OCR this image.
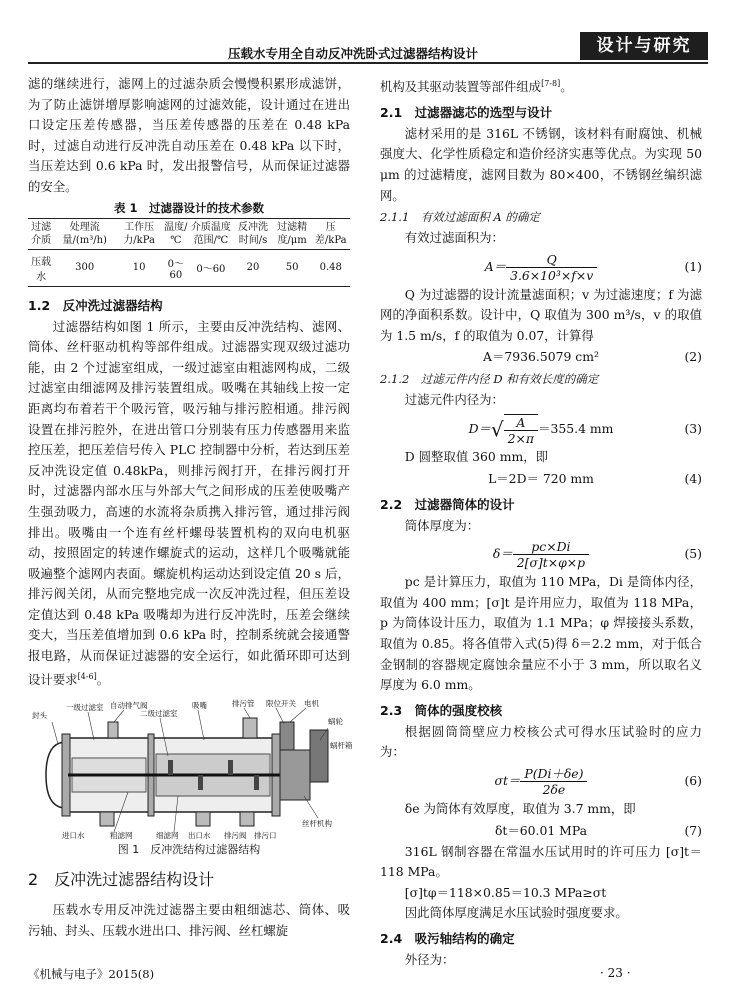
压载水专用全自动反冲洗卧式过滤器结构设计	设计与研究

滤的继续进行，滤网上的过滤杂质会慢慢积累形成滤饼，为了防止滤饼增厚影响滤网的过滤效能，设计通过在进出口设定压差传感器，当压差传感器的压差在 0.48 kPa 时，过滤自动进行反冲洗自动压差在 0.48 kPa 以下时，当压差达到 0.6 kPa 时，发出报警信号，从而保证过滤器的安全。

表 1　过滤器设计的技术参数
过滤介质	处理流量/(m³/h)	工作压力/kPa	温度/℃	介质温度范围/℃	反冲洗时间/s	过滤精度/μm	压差/kPa
压载水	300	10	0～60	0～60	20	50	0.48
1.2　反冲洗过滤器结构

过滤器结构如图 1 所示，主要由反冲洗结构、滤网、筒体、丝杆驱动机构等部件组成。过滤器实现双级过滤功能，由 2 个过滤室组成，一级过滤室由粗滤网构成，二级过滤室由细滤网及排污装置组成。吸嘴在其轴线上按一定距离均布着若干个吸污管，吸污轴与排污腔相通。排污阀设置在排污腔外，在进出管口分别装有压力传感器用来监控压差，把压差信号传入 PLC 控制器中分析，若达到压差反冲洗设定值 0.48kPa，则排污阀打开，在排污阀打开时，过滤器内部水压与外部大气之间形成的压差使吸嘴产生强劲吸力，高速的水流将杂质携入排污管，通过排污阀排出。吸嘴由一个连有丝杆螺母装置机构的双向电机驱动，按照固定的转速作螺旋式的运动，这样几个吸嘴就能吸遍整个滤网内表面。螺旋机构运动达到设定值 20 s 后，排污阀关闭，从而完整地完成一次反冲洗过程，但压差设定值达到 0.48 kPa 吸嘴却为进行反冲洗时，压差会继续变大，当压差值增加到 0.6 kPa 时，控制系统就会接通警报电路，从而保证过滤器的安全运行，如此循环即可达到设计要求[4-6]。

封头
一级过滤室 自动排气阀
二级过滤室
吸嘴	排污管 限位开关 电机
蜗轮
蜗杆箱
丝杆机构
进口水	粗滤网	细滤网 出口水 排污阀 排污口
图 1　反冲洗结构过滤器结构
2　反冲洗过滤器结构设计

压载水专用反冲洗过滤器主要由粗细滤芯、筒体、吸污轴、封头、压载水进出口、排污阀、丝杠螺旋

机构及其驱动装置等部件组成[7-8]。

2.1　过滤器滤芯的选型与设计

滤材采用的是 316L 不锈钢，该材料有耐腐蚀、机械强度大、化学性质稳定和造价经济实惠等优点。为实现 50 μm 的过滤精度，滤网目数为 80×400，不锈钢丝编织滤网。

2.1.1　有效过滤面积 A 的确定

有效过滤面积为：

$A= \frac{Q}{\text{3.6×10³×f×v}}$	(1)

Q 为过滤器的设计流量滤面积；v 为过滤速度；f 为滤网的净面积系数。设计中，Q 取值为 300 m³/s，v 的取值为 1.5 m/s，f 的取值为 0.07，计算得

A＝7936.5079 cm²	(2)
2.1.2　过滤元件内径 D 和有效长度的确定

过滤元件内径为：

$D=√ \frac{A}{2\times\pi} =355.4$ mm	(3)

D 圆整取值 360 mm，即

L＝2D＝ 720 mm	(4)
2.2　过滤器筒体的设计

筒体厚度为：

$\delta= \frac{pc\times Di}{2[\sigma]t\times\varphi\times p}$	(5)

pc 是计算压力，取值为 110 MPa，Di 是筒体内径，取值为 400 mm；[σ]t 是许用应力，取值为 118 MPa，p 为筒体设计压力，取值为 1.1 MPa；φ 焊接接头系数，取值为 0.85。将各值带入式(5)得 δ＝2.2 mm，对于低合金钢制的容器规定腐蚀余量应不小于 3 mm，所以取名义厚度为 6.0 mm。

2.3　筒体的强度校核

根据圆筒筒壁应力校核公式可得水压试验时的应力为：

$\sigma t= \frac{P(Di+\delta e)}{2\delta e}$	(6)

δe 为筒体有效厚度，取值为 3.7 mm，即

δt＝60.01 MPa	(7)

316L 钢制容器在常温水压试用时的许可压力 [σ]t＝118 MPa。

[σ]tφ＝118×0.85＝10.3 MPa≥σt

因此筒体厚度满足水压试验时强度要求。

2.4　吸污轴结构的确定

外径为：

《机械与电子》2015(8)	· 23 ·
